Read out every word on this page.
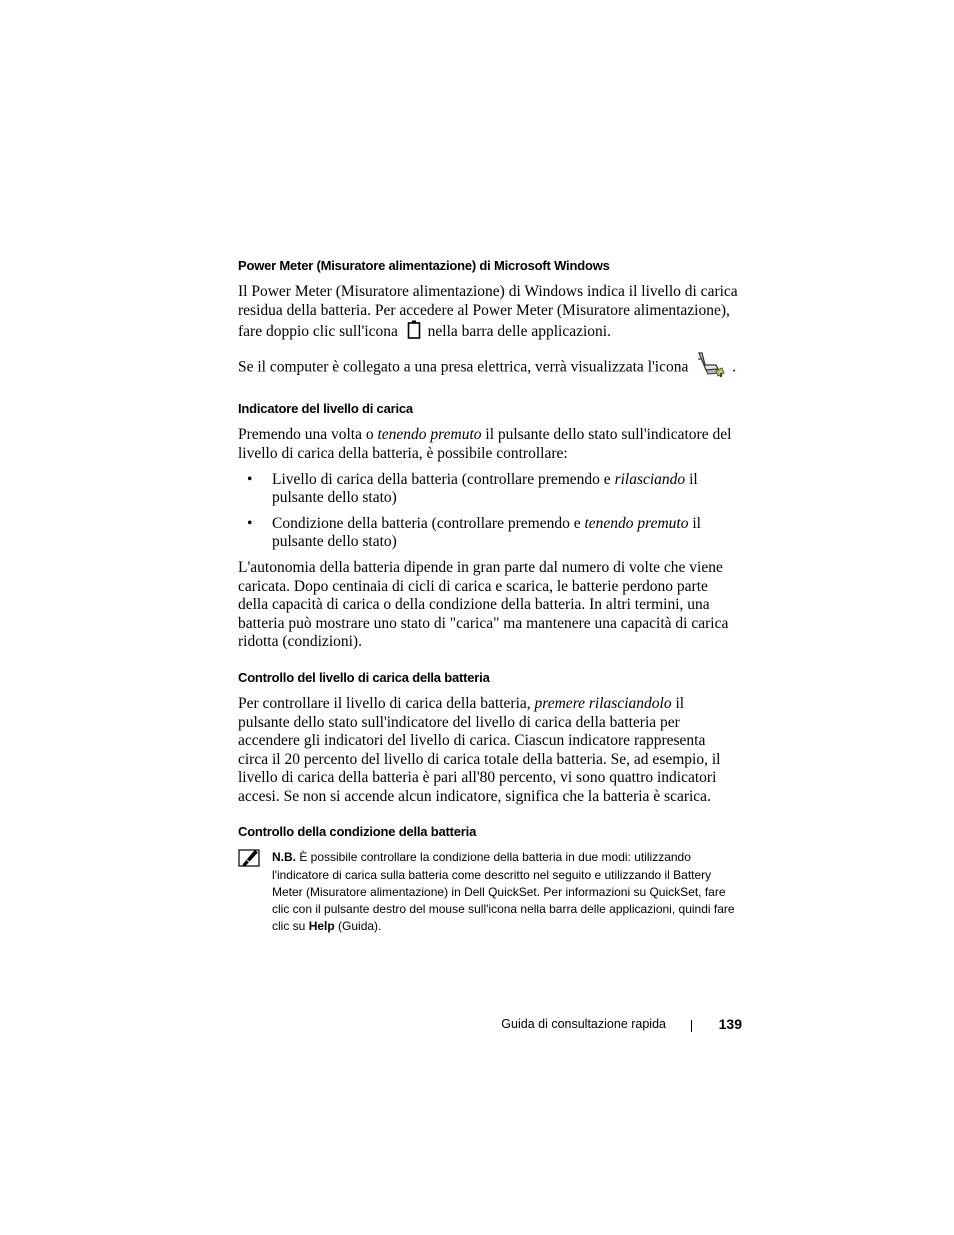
Power Meter (Misuratore alimentazione) di Microsoft Windows

Il Power Meter (Misuratore alimentazione) di Windows indica il livello di carica residua della batteria. Per accedere al Power Meter (Misuratore alimentazione), fare doppio clic sull'icona nella barra delle applicazioni.

Se il computer è collegato a una presa elettrica, verrà visualizzata l'icona	.

Indicatore del livello di carica

Premendo una volta o tenendo premuto il pulsante dello stato sull'indicatore del livello di carica della batteria, è possibile controllare:

• Livello di carica della batteria (controllare premendo e rilasciando il pulsante dello stato)
• Condizione della batteria (controllare premendo e tenendo premuto il pulsante dello stato)

L'autonomia della batteria dipende in gran parte dal numero di volte che viene caricata. Dopo centinaia di cicli di carica e scarica, le batterie perdono parte della capacità di carica o della condizione della batteria. In altri termini, una batteria può mostrare uno stato di "carica" ma mantenere una capacità di carica ridotta (condizioni).

Controllo del livello di carica della batteria

Per controllare il livello di carica della batteria, premere rilasciandolo il pulsante dello stato sull'indicatore del livello di carica della batteria per accendere gli indicatori del livello di carica. Ciascun indicatore rappresenta circa il 20 percento del livello di carica totale della batteria. Se, ad esempio, il livello di carica della batteria è pari all'80 percento, vi sono quattro indicatori accesi. Se non si accende alcun indicatore, significa che la batteria è scarica.

Controllo della condizione della batteria
N.B. È possibile controllare la condizione della batteria in due modi: utilizzando l'indicatore di carica sulla batteria come descritto nel seguito e utilizzando il Battery Meter (Misuratore alimentazione) in Dell QuickSet. Per informazioni su QuickSet, fare clic con il pulsante destro del mouse sull'icona nella barra delle applicazioni, quindi fare clic su Help (Guida).
Guida di consultazione rapida	139
